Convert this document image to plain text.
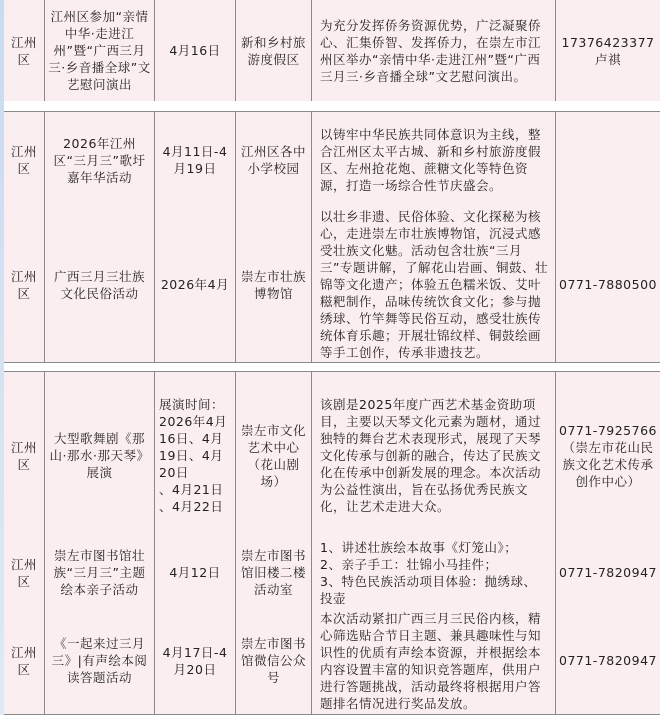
江州区
江州区参加“亲情中华·走进江州”暨“广西三月三·乡音播全球”文艺慰问演出
4月16日
新和乡村旅游度假区
为充分发挥侨务资源优势，广泛凝聚侨心、汇集侨智、发挥侨力，在崇左市江州区举办“亲情中华·走进江州”暨“广西三月三·乡音播全球”文艺慰问演出。
17376423377
卢祺
江州区
2026年江州区“三月三”歌圩嘉年华活动
4月11日-4月19日
江州区各中小学校园
以铸牢中华民族共同体意识为主线，整合江州区太平古城、新和乡村旅游度假区、左州抢花炮、蔗糖文化等特色资源，打造一场综合性节庆盛会。
江州区
广西三月三壮族文化民俗活动
2026年4月
崇左市壮族博物馆
以壮乡非遗、民俗体验、文化探秘为核心，走进崇左市壮族博物馆，沉浸式感受壮族文化魅。活动包含壮族“三月三”专题讲解，了解花山岩画、铜鼓、壮锦等文化遗产；体验五色糯米饭、艾叶糍粑制作，品味传统饮食文化；参与抛绣球、竹竿舞等民俗互动，感受壮族传统体育乐趣；开展壮锦纹样、铜鼓绘画等手工创作，传承非遗技艺。
0771-7880500
江州区
大型歌舞剧《那山·那水·那天琴》展演
展演时间：
2026年4月16日、4月19日、4月20日
、4月21日
、4月22日
崇左市文化艺术中心（花山剧场）
该剧是2025年度广西艺术基金资助项目，主要以天琴文化元素为题材，通过独特的舞台艺术表现形式，展现了天琴文化传承与创新的融合，传达了民族文化在传承中创新发展的理念。本次活动为公益性演出，旨在弘扬优秀民族文化，让艺术走进大众。
0771-7925766
（崇左市花山民族文化艺术传承创作中心）
江州区
崇左市图书馆壮族“三月三”主题绘本亲子活动
4月12日
崇左市图书馆旧楼二楼活动室
1、讲述壮族绘本故事《灯笼山》；
2、亲子手工：壮锦小马挂件；
3、特色民族活动项目体验：抛绣球、投壶
0771-7820947
江州区
《一起来过三月三》|有声绘本阅读答题活动
4月17日-4月20日
崇左市图书馆微信公众号
本次活动紧扣广西三月三民俗内核，精心筛选贴合节日主题、兼具趣味性与知识性的优质有声绘本资源，并根据绘本内容设置丰富的知识竞答题库，供用户进行答题挑战，活动最终将根据用户答题排名情况进行奖品发放。
0771-7820947
